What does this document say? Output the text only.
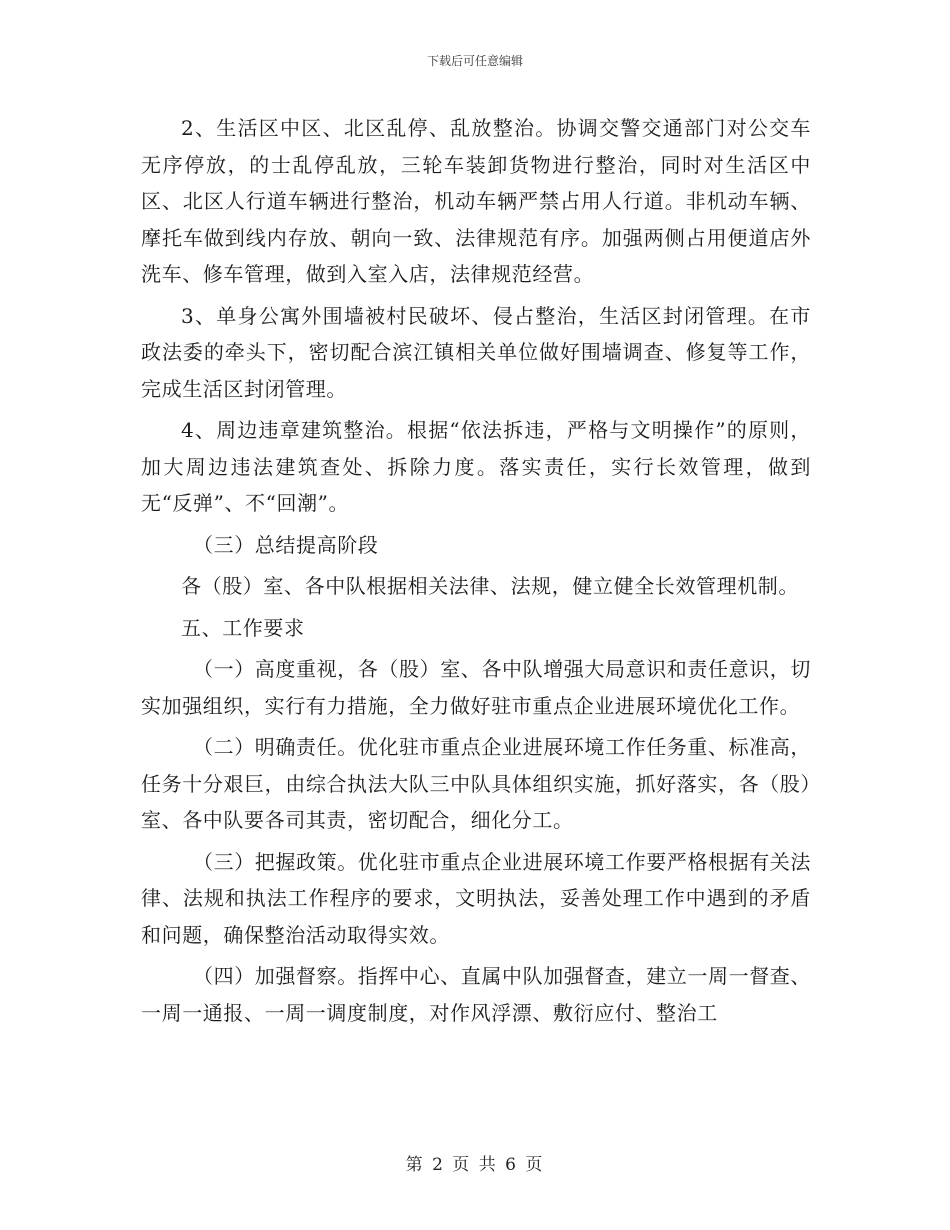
下载后可任意编辑

2、生活区中区、北区乱停、乱放整治。协调交警交通部门对公交车无序停放，的士乱停乱放，三轮车装卸货物进行整治，同时对生活区中区、北区人行道车辆进行整治，机动车辆严禁占用人行道。非机动车辆、摩托车做到线内存放、朝向一致、法律规范有序。加强两侧占用便道店外洗车、修车管理，做到入室入店，法律规范经营。

3、单身公寓外围墙被村民破坏、侵占整治，生活区封闭管理。在市政法委的牵头下，密切配合滨江镇相关单位做好围墙调查、修复等工作，完成生活区封闭管理。

4、周边违章建筑整治。根据“依法拆违，严格与文明操作”的原则，加大周边违法建筑查处、拆除力度。落实责任，实行长效管理，做到无“反弹”、不“回潮”。

（三）总结提高阶段

各（股）室、各中队根据相关法律、法规，健立健全长效管理机制。

五、工作要求

（一）高度重视，各（股）室、各中队增强大局意识和责任意识，切实加强组织，实行有力措施，全力做好驻市重点企业进展环境优化工作。

（二）明确责任。优化驻市重点企业进展环境工作任务重、标准高，任务十分艰巨，由综合执法大队三中队具体组织实施，抓好落实，各（股）室、各中队要各司其责，密切配合，细化分工。

（三）把握政策。优化驻市重点企业进展环境工作要严格根据有关法律、法规和执法工作程序的要求，文明执法，妥善处理工作中遇到的矛盾和问题，确保整治活动取得实效。

（四）加强督察。指挥中心、直属中队加强督查，建立一周一督查、一周一通报、一周一调度制度，对作风浮漂、敷衍应付、整治工

第 2 页 共 6 页
